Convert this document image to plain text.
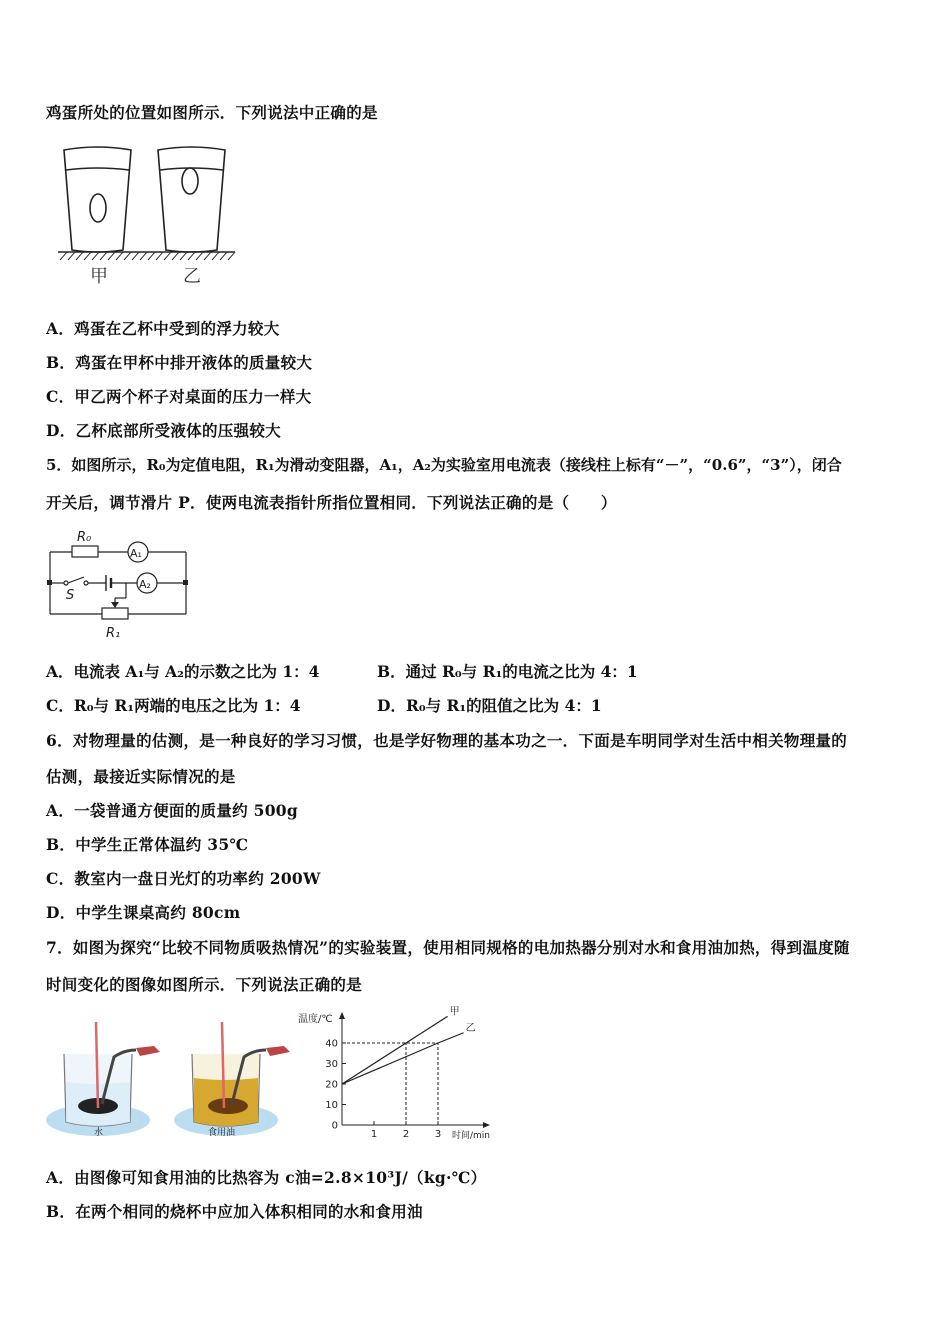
鸡蛋所处的位置如图所示．下列说法中正确的是
甲	乙
A．鸡蛋在乙杯中受到的浮力较大
B．鸡蛋在甲杯中排开液体的质量较大
C．甲乙两个杯子对桌面的压力一样大
D．乙杯底部所受液体的压强较大
5．如图所示，R₀为定值电阻，R₁为滑动变阻器，A₁，A₂为实验室用电流表（接线柱上标有“－”，“0.6”，“3”），闭合
开关后，调节滑片 P．使两电流表指针所指位置相同．下列说法正确的是（　　）
R₀
A₁
A₂
S
R₁
A．电流表 A₁与 A₂的示数之比为 1：4	B．通过 R₀与 R₁的电流之比为 4：1
C．R₀与 R₁两端的电压之比为 1：4	D．R₀与 R₁的阻值之比为 4：1
6．对物理量的估测，是一种良好的学习习惯，也是学好物理的基本功之一．下面是车明同学对生活中相关物理量的
估测，最接近实际情况的是
A．一袋普通方便面的质量约 500g
B．中学生正常体温约 35℃
C．教室内一盘日光灯的功率约 200W
D．中学生课桌高约 80cm
7．如图为探究“比较不同物质吸热情况”的实验装置，使用相同规格的电加热器分别对水和食用油加热，得到温度随
时间变化的图像如图所示．下列说法正确的是
水	食用油
温度/℃
时间/min
0
10
20
30
40
1	2	3
甲
乙
A．由图像可知食用油的比热容为 c油=2.8×10³J/（kg·℃）
B．在两个相同的烧杯中应加入体积相同的水和食用油
